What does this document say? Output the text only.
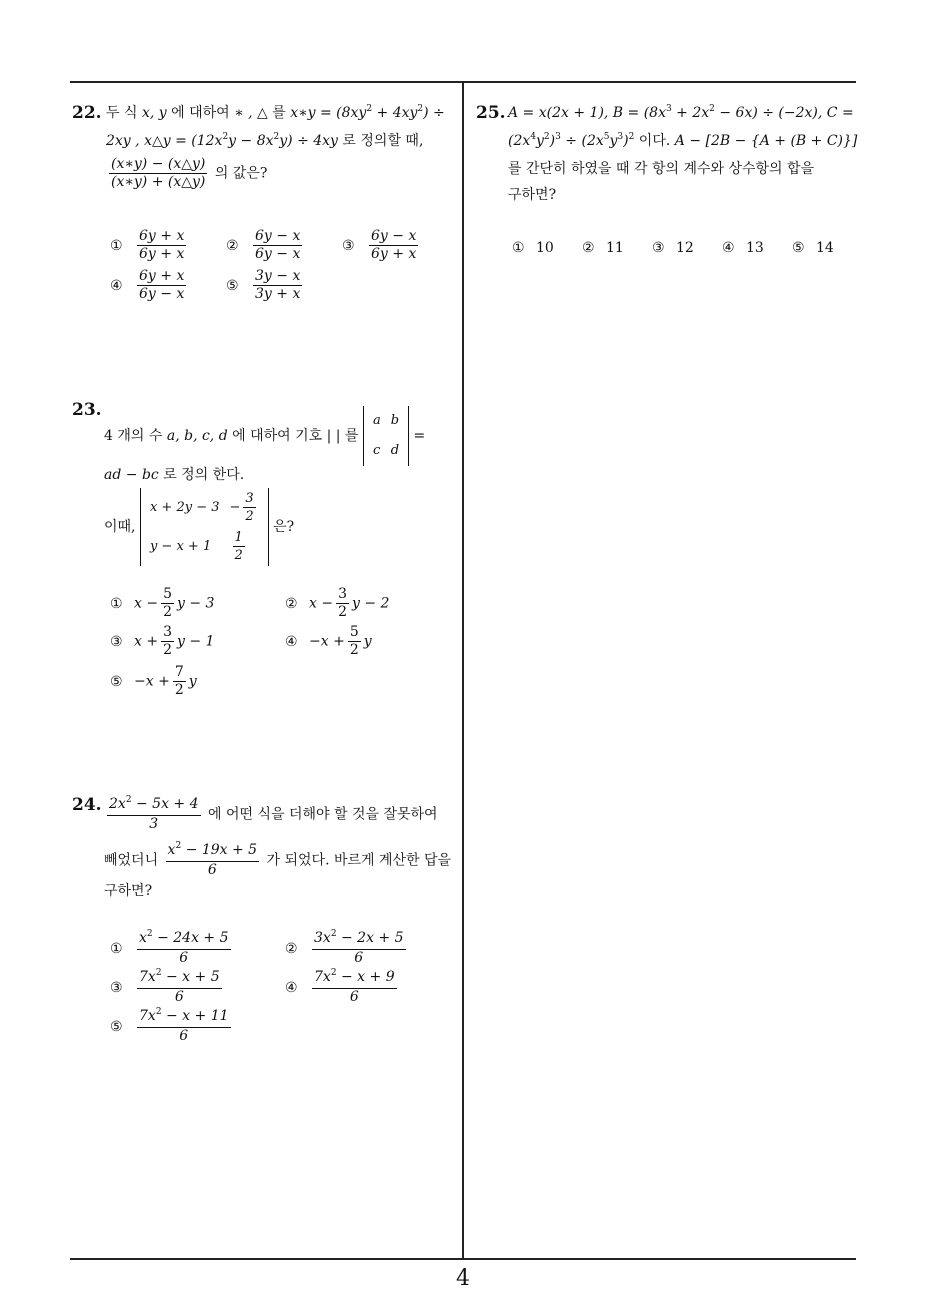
4
22. 두 식 x, y 에 대하여 ∗ , △ 를 x∗y = $(8xy^2 + 4xy^2)$ ÷
2xy , x△y = $(12x^2y - 8x^2y) \div 4xy$ 로 정의할 때,
$\frac{(x∗y) - (x\triangle y)}{(x∗y) + (x\triangle y)}$ 의 값은?
① $\frac{6y + x}{6y + x}$	② $\frac{6y - x}{6y - x}$	③ $\frac{6y - x}{6y + x}$
④ $\frac{6y + x}{6y - x}$	⑤ $\frac{3y - x}{3y + x}$
23.
4 개의 수 a, b, c, d 에 대하여 기호 | | 를
a	b
c	d
=
ad − bc 로 정의 한다.
이때,
x + 2y − 3	− $\frac{3}{2}$

y − x + 1	$\frac{1}{2}$
은?
① $x - \frac{5}{2}$ y − 3	② $x - \frac{3}{2}$ y − 2
③ $x + \frac{3}{2}$ y − 1	④ $-x + \frac{5}{2}$ y
⑤ $-x + \frac{7}{2}$ y
24. $\frac{2x^2 - 5x + 4}{3}$ 에 어떤 식을 더해야 할 것을 잘못하여
빼었더니 $\frac{x^2 - 19x + 5}{6}$ 가 되었다. 바르게 계산한 답을
구하면?
① $\frac{x^2 - 24x + 5}{6}$	② $\frac{3x^2 - 2x + 5}{6}$
③ $\frac{7x^2 - x + 5}{6}$	④ $\frac{7x^2 - x + 9}{6}$
⑤ $\frac{7x^2 - x + 11}{6}$
25. A = x(2x + 1), $B = (8x^3 + 2x^2 - 6x) \div (-2x)$, C =
$(2x^4y^2)^3 \div (2x^5y^3)^2$ 이다. A − [2B − {A + (B + C)}]
를 간단히 하였을 때 각 항의 계수와 상수항의 합을
구하면?
① 10 ② 11 ③ 12 ④ 13 ⑤ 14
